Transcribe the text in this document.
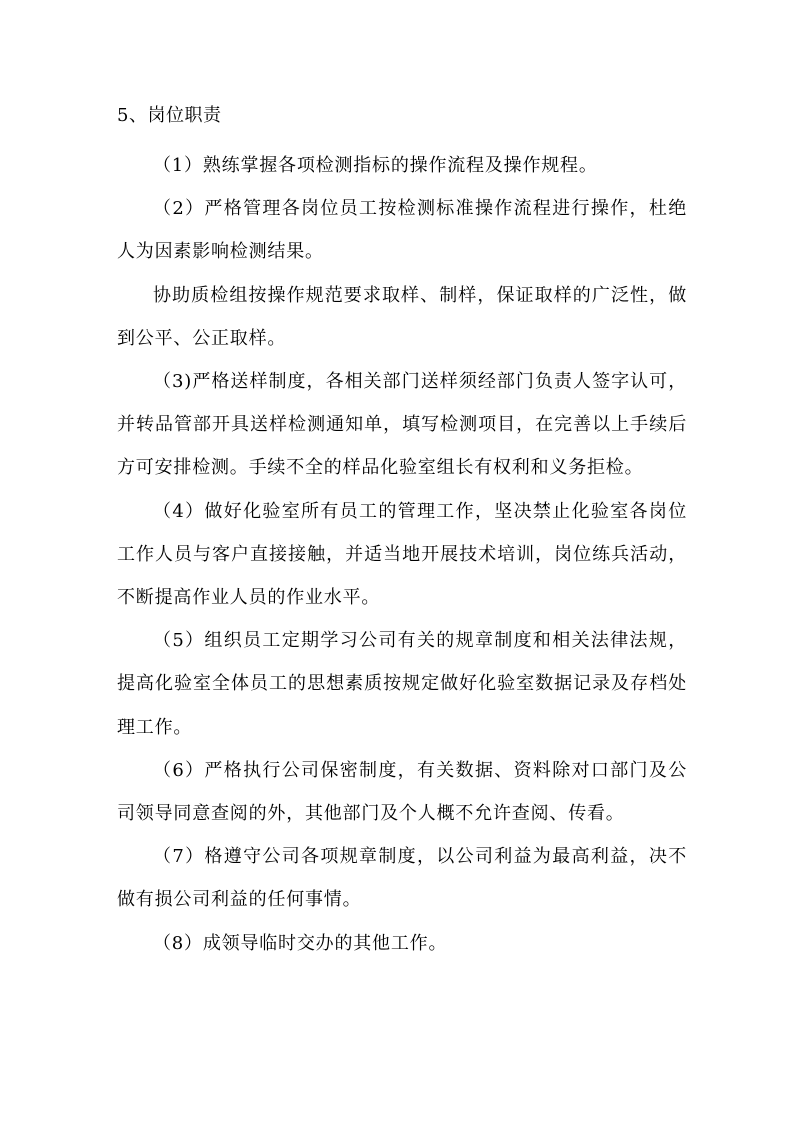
5、岗位职责

（1）熟练掌握各项检测指标的操作流程及操作规程。

（2）严格管理各岗位员工按检测标准操作流程进行操作，杜绝人为因素影响检测结果。

协助质检组按操作规范要求取样、制样，保证取样的广泛性，做到公平、公正取样。

（3)严格送样制度，各相关部门送样须经部门负责人签字认可，并转品管部开具送样检测通知单，填写检测项目，在完善以上手续后方可安排检测。手续不全的样品化验室组长有权利和义务拒检。

（4）做好化验室所有员工的管理工作，坚决禁止化验室各岗位工作人员与客户直接接触，并适当地开展技术培训，岗位练兵活动，不断提高作业人员的作业水平。

（5）组织员工定期学习公司有关的规章制度和相关法律法规，提高化验室全体员工的思想素质按规定做好化验室数据记录及存档处理工作。

（6）严格执行公司保密制度，有关数据、资料除对口部门及公司领导同意查阅的外，其他部门及个人概不允许查阅、传看。

（7）格遵守公司各项规章制度，以公司利益为最高利益，决不 做有损公司利益的任何事情。

（8）成领导临时交办的其他工作。
